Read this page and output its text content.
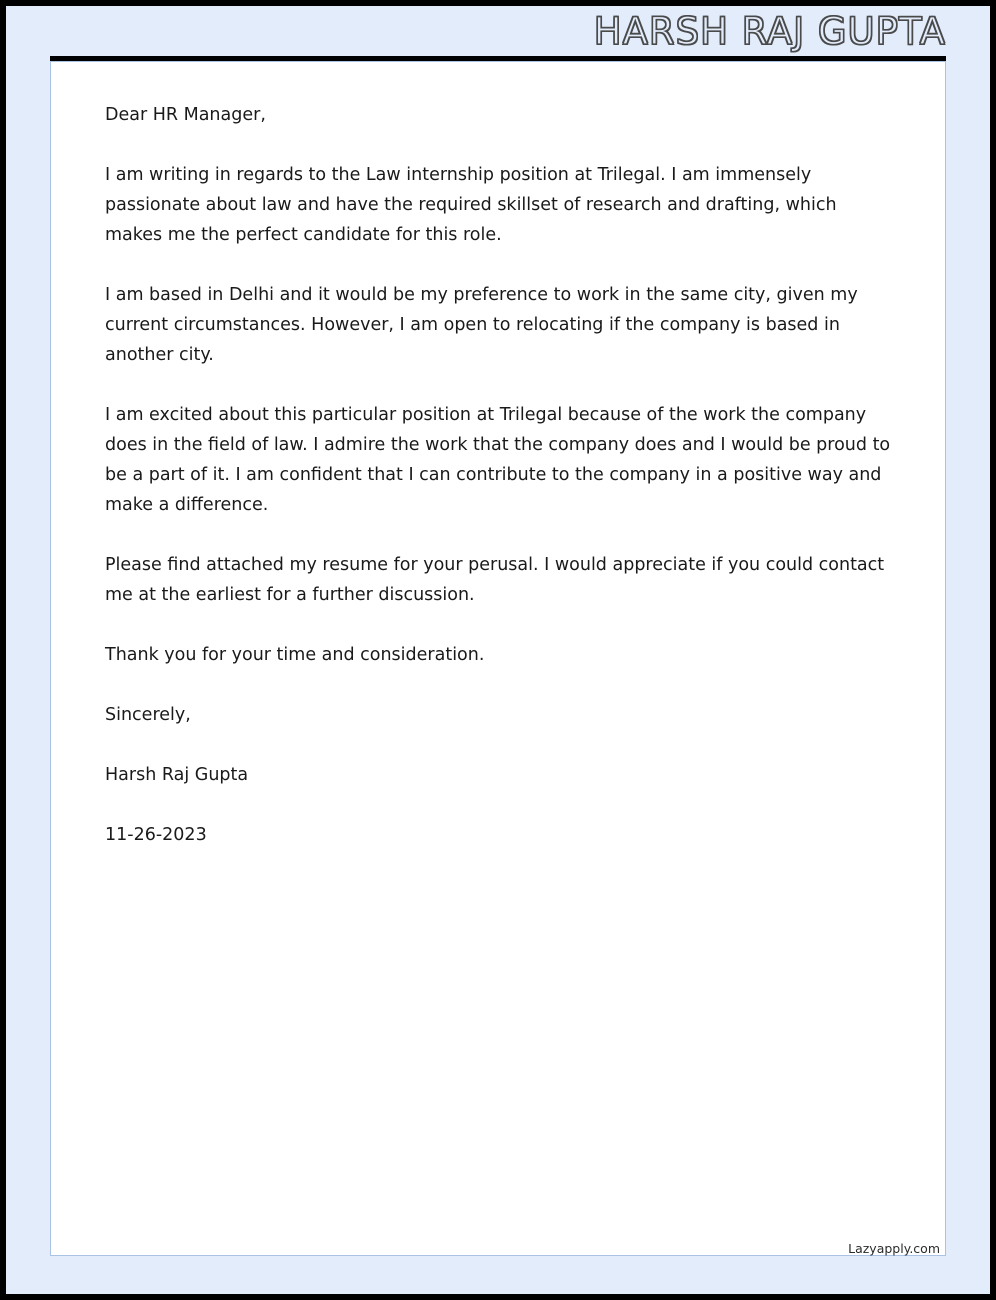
HARSH RAJ GUPTA

Dear HR Manager,

I am writing in regards to the Law internship position at Trilegal. I am immensely passionate about law and have the required skillset of research and drafting, which makes me the perfect candidate for this role.

I am based in Delhi and it would be my preference to work in the same city, given my current circumstances. However, I am open to relocating if the company is based in another city.

I am excited about this particular position at Trilegal because of the work the company does in the field of law. I admire the work that the company does and I would be proud to be a part of it. I am confident that I can contribute to the company in a positive way and make a difference.

Please find attached my resume for your perusal. I would appreciate if you could contact me at the earliest for a further discussion.

Thank you for your time and consideration.

Sincerely,

Harsh Raj Gupta

11-26-2023

Lazyapply.com
